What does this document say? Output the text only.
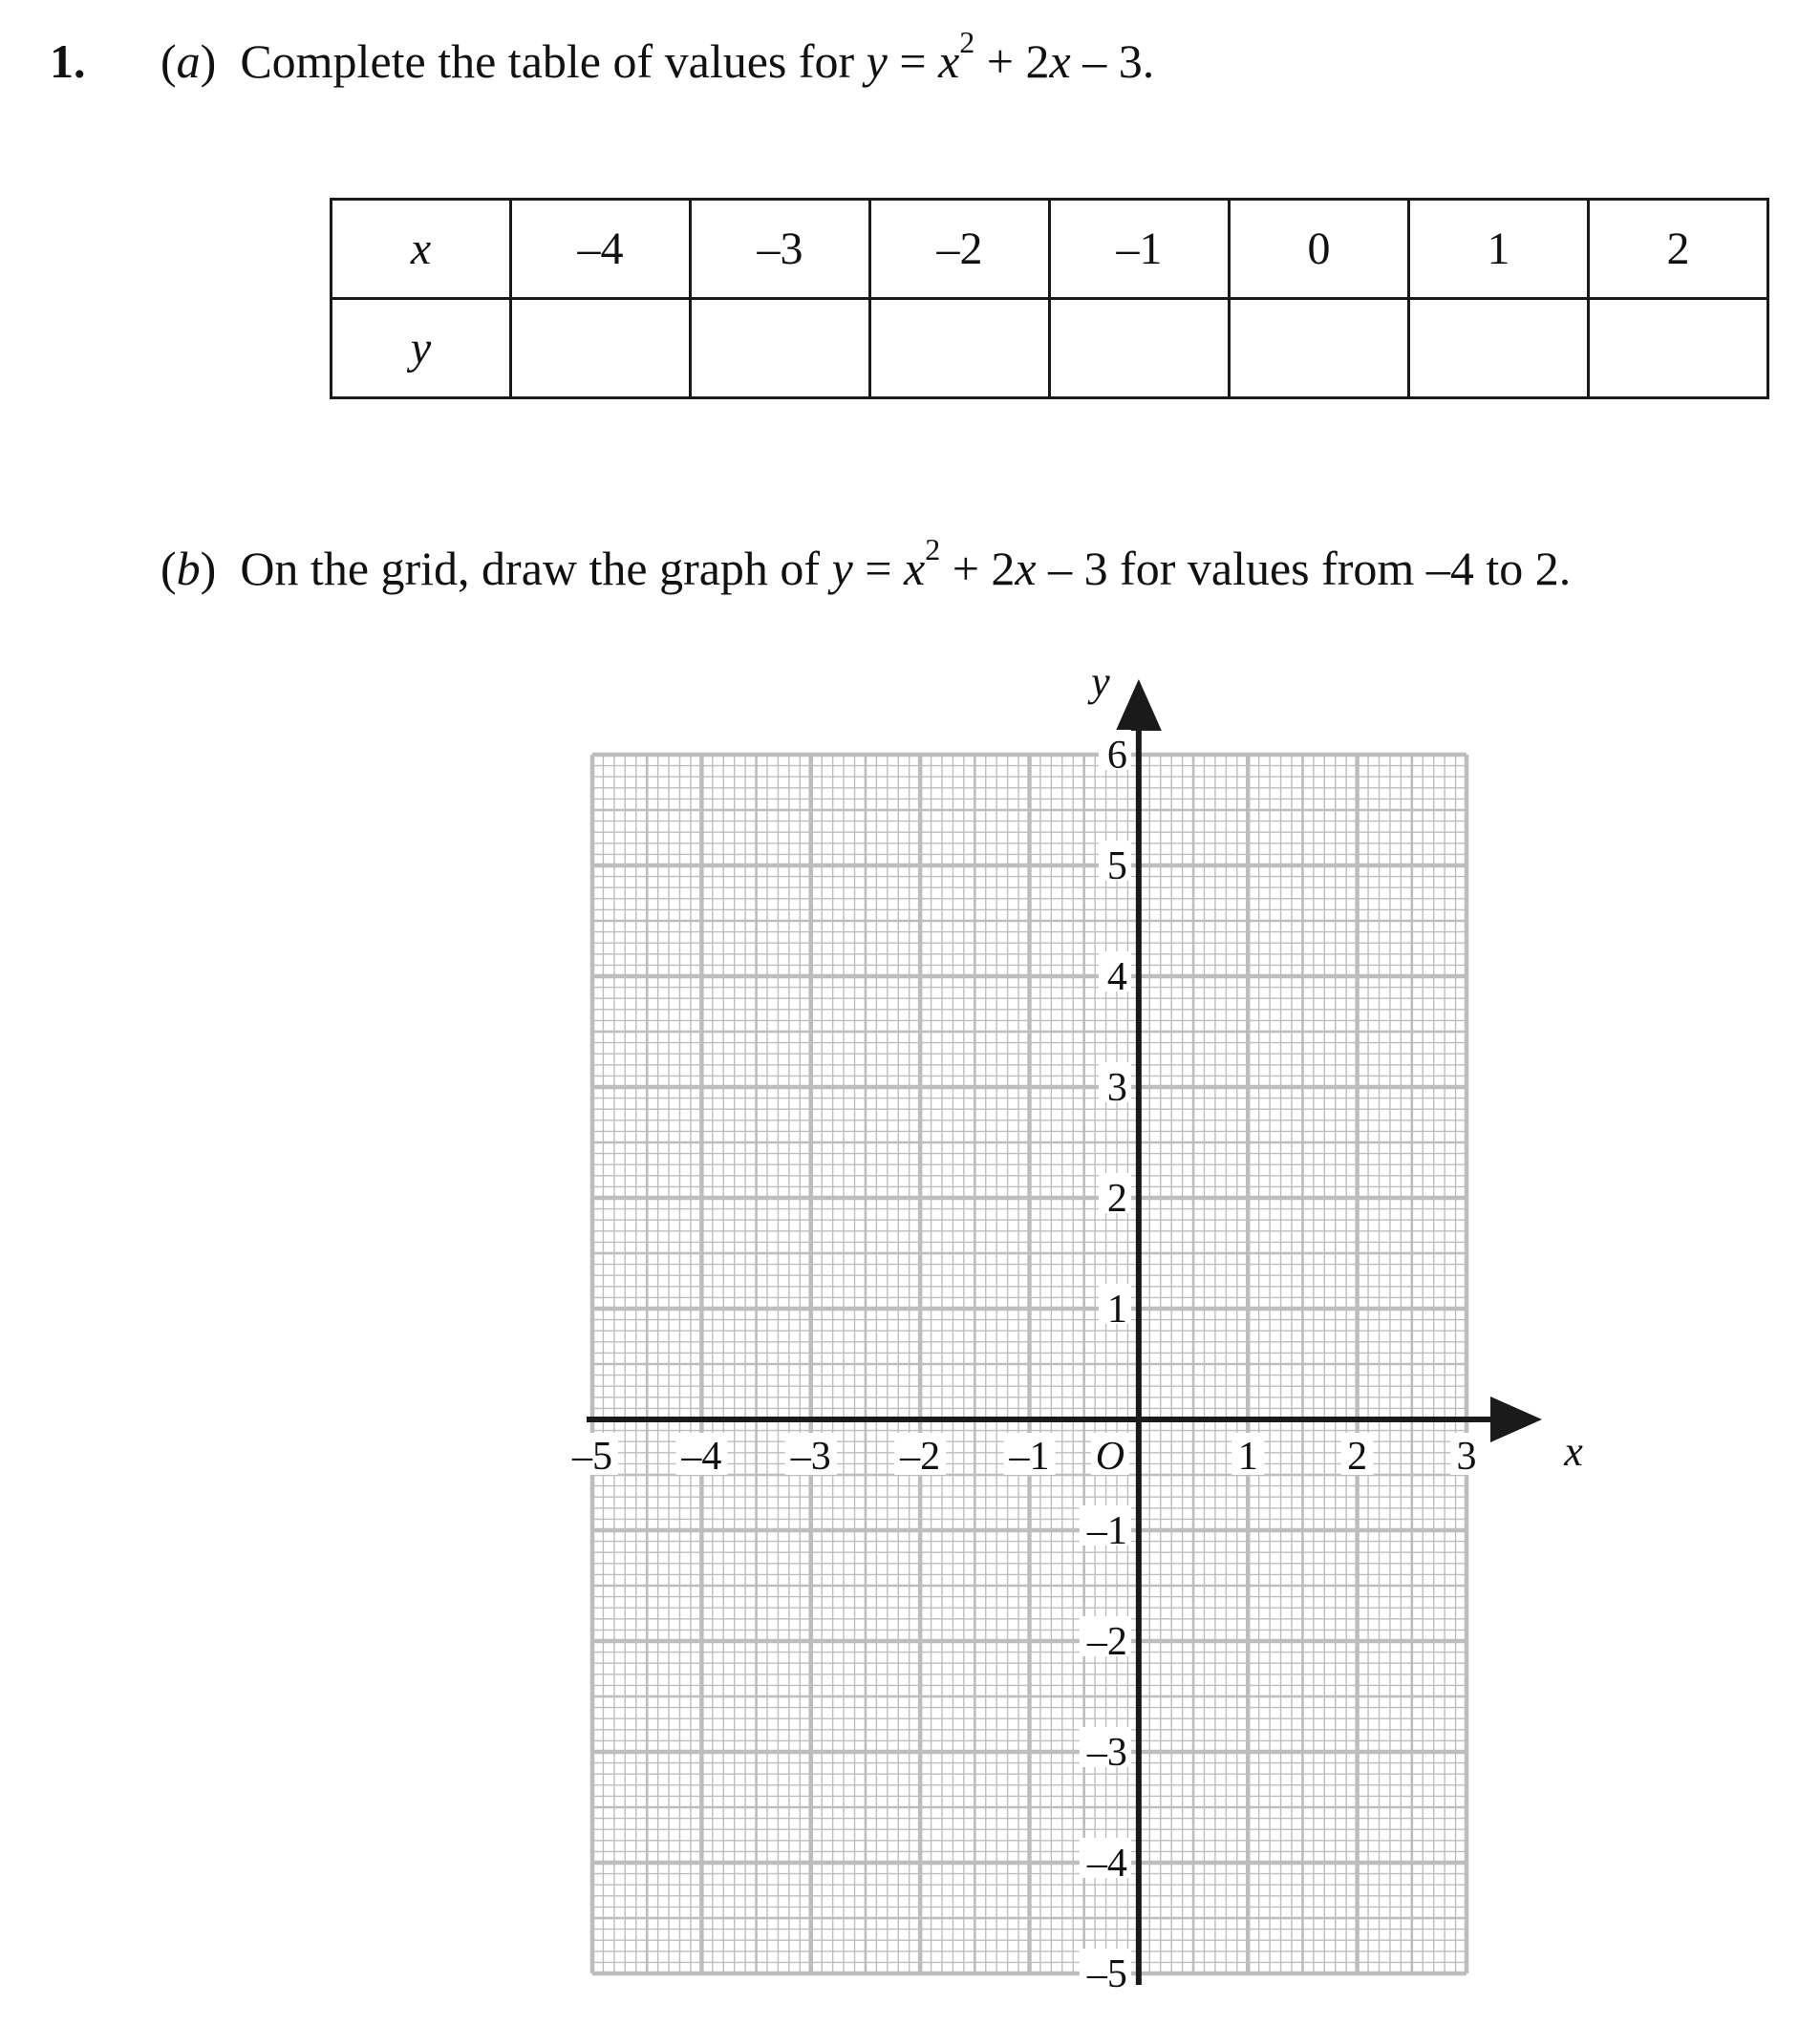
1. (a)  Complete the table of values for $y = x^2 + 2x - 3$.
x	–4	–3	–2	–1	0	1	2
y							
(b)  On the grid, draw the graph of $y = x^2 + 2x - 3$ for values from –4 to 2.
x
y
O
–5 –4 –3 –2 –1	1 2 3
–5
–4
–3
–2
–1
1
2
3
4
5
6
